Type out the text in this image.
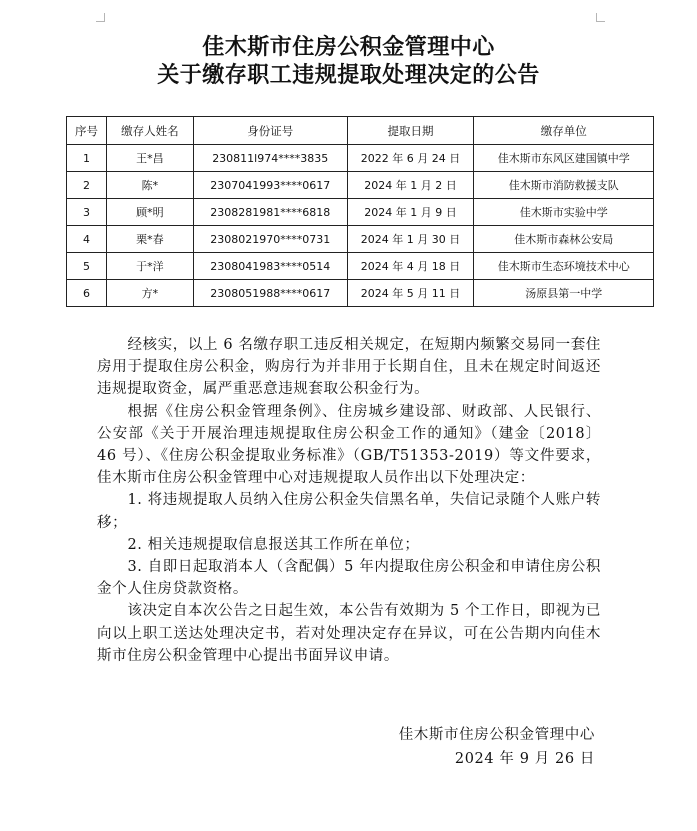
佳木斯市住房公积金管理中心
关于缴存职工违规提取处理决定的公告
序号	缴存人姓名	身份证号	提取日期	缴存单位
1	王*昌	230811l974****3835	2022 年 6 月 24 日	佳木斯市东风区建国镇中学
2	陈*	2307041993****0617	2024 年 1 月 2 日	佳木斯市消防救援支队
3	顾*明	2308281981****6818	2024 年 1 月 9 日	佳木斯市实验中学
4	栗*春	2308021970****0731	2024 年 1 月 30 日	佳木斯市森林公安局
5	于*洋	2308041983****0514	2024 年 4 月 18 日	佳木斯市生态环境技术中心
6	方*	2308051988****0617	2024 年 5 月 11 日	汤原县第一中学

经核实，以上 6 名缴存职工违反相关规定，在短期内频繁交易同一套住房用于提取住房公积金，购房行为并非用于长期自住，且未在规定时间返还违规提取资金，属严重恶意违规套取公积金行为。

根据《住房公积金管理条例》、住房城乡建设部、财政部、人民银行、公安部《关于开展治理违规提取住房公积金工作的通知》（建金〔2018〕46 号）、《住房公积金提取业务标准》（GB/T51353-2019）等文件要求，佳木斯市住房公积金管理中心对违规提取人员作出以下处理决定：

1. 将违规提取人员纳入住房公积金失信黑名单，失信记录随个人账户转移；

2. 相关违规提取信息报送其工作所在单位；

3. 自即日起取消本人（含配偶）5 年内提取住房公积金和申请住房公积金个人住房贷款资格。

该决定自本次公告之日起生效，本公告有效期为 5 个工作日，即视为已向以上职工送达处理决定书，若对处理决定存在异议，可在公告期内向佳木斯市住房公积金管理中心提出书面异议申请。

佳木斯市住房公积金管理中心
2024 年 9 月 26 日
